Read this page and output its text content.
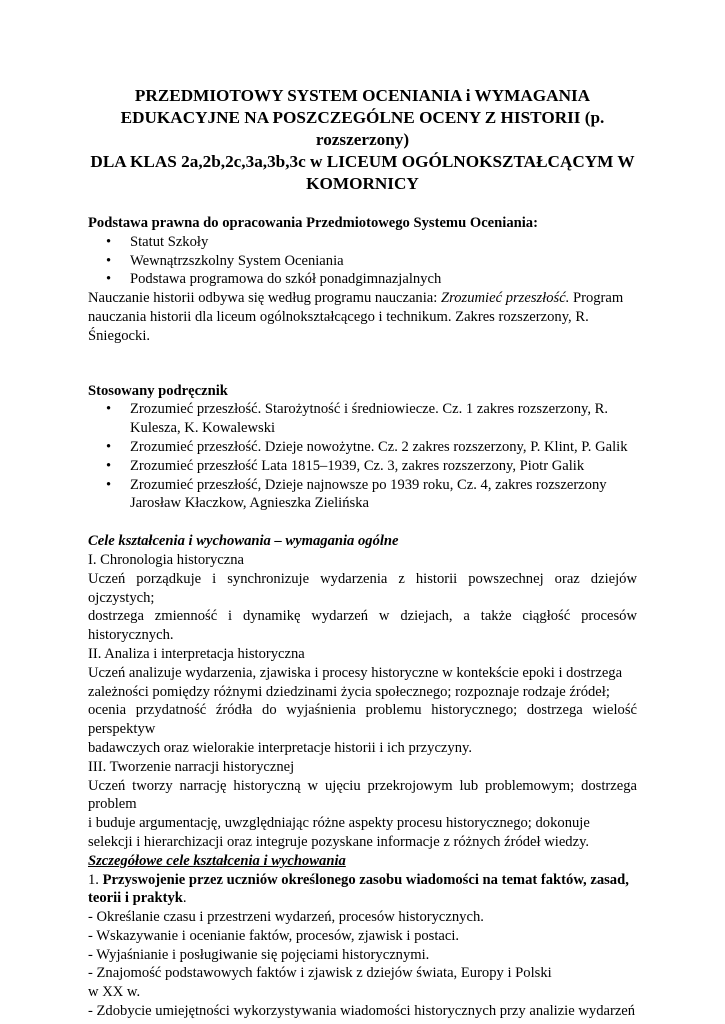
PRZEDMIOTOWY SYSTEM OCENIANIA i WYMAGANIA

EDUKACYJNE NA POSZCZEGÓLNE OCENY Z HISTORII (p.

rozszerzony)

DLA KLAS 2a,2b,2c,3a,3b,3c w LICEUM OGÓLNOKSZTAŁCĄCYM W

KOMORNICY

Podstawa prawna do opracowania Przedmiotowego Systemu Oceniania:

• Statut Szkoły
• Wewnątrzszkolny System Oceniania
• Podstawa programowa do szkół ponadgimnazjalnych

Nauczanie historii odbywa się według programu nauczania: Zrozumieć przeszłość. Program

nauczania historii dla liceum ogólnokształcącego i technikum. Zakres rozszerzony, R.

Śniegocki.

Stosowany podręcznik

• Zrozumieć przeszłość. Starożytność i średniowiecze. Cz. 1 zakres rozszerzony, R.
Kulesza, K. Kowalewski
• Zrozumieć przeszłość. Dzieje nowożytne. Cz. 2 zakres rozszerzony, P. Klint, P. Galik
• Zrozumieć przeszłość Lata 1815–1939, Cz. 3, zakres rozszerzony, Piotr Galik
• Zrozumieć przeszłość, Dzieje najnowsze po 1939 roku, Cz. 4, zakres rozszerzony
Jarosław Kłaczkow, Agnieszka Zielińska

Cele kształcenia i wychowania – wymagania ogólne

I. Chronologia historyczna

Uczeń porządkuje i synchronizuje wydarzenia z historii powszechnej oraz dziejów

ojczystych;

dostrzega zmienność i dynamikę wydarzeń w dziejach, a także ciągłość procesów

historycznych.

II. Analiza i interpretacja historyczna

Uczeń analizuje wydarzenia, zjawiska i procesy historyczne w kontekście epoki i dostrzega

zależności pomiędzy różnymi dziedzinami życia społecznego; rozpoznaje rodzaje źródeł;

ocenia przydatność źródła do wyjaśnienia problemu historycznego; dostrzega wielość

perspektyw

badawczych oraz wielorakie interpretacje historii i ich przyczyny.

III. Tworzenie narracji historycznej

Uczeń tworzy narrację historyczną w ujęciu przekrojowym lub problemowym; dostrzega

problem

i buduje argumentację, uwzględniając różne aspekty procesu historycznego; dokonuje

selekcji i hierarchizacji oraz integruje pozyskane informacje z różnych źródeł wiedzy.

Szczegółowe cele kształcenia i wychowania

1. Przyswojenie przez uczniów określonego zasobu wiadomości na temat faktów, zasad,

teorii i praktyk.

- Określanie czasu i przestrzeni wydarzeń, procesów historycznych.

- Wskazywanie i ocenianie faktów, procesów, zjawisk i postaci.

- Wyjaśnianie i posługiwanie się pojęciami historycznymi.

- Znajomość podstawowych faktów i zjawisk z dziejów świata, Europy i Polski

w XX w.

- Zdobycie umiejętności wykorzystywania wiadomości historycznych przy analizie wydarzeń
